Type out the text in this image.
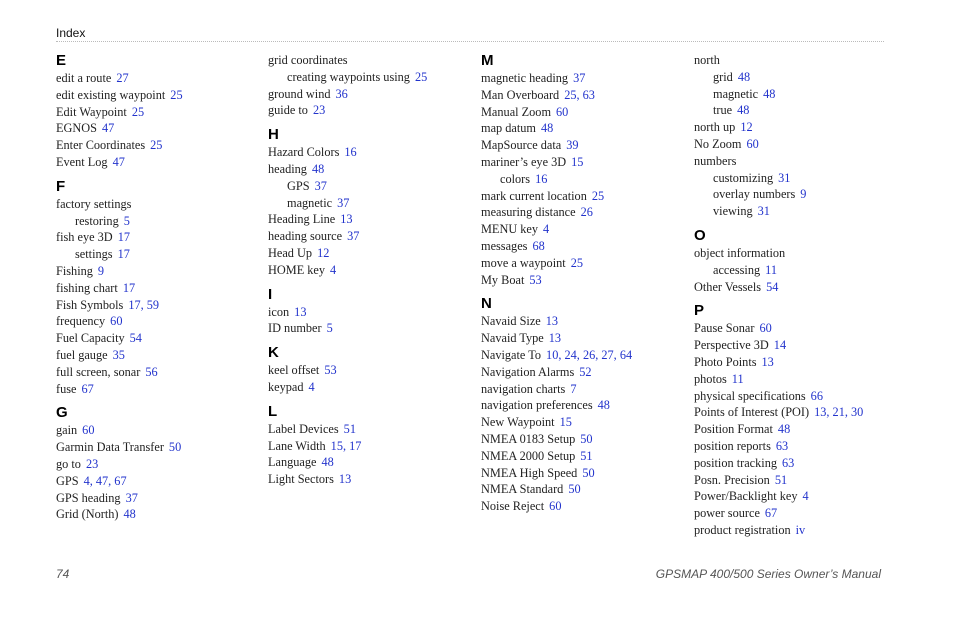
Index
E
edit a route 27
edit existing waypoint 25
Edit Waypoint 25
EGNOS 47
Enter Coordinates 25
Event Log 47
F
factory settings
restoring 5
fish eye 3D 17
settings 17
Fishing 9
fishing chart 17
Fish Symbols 17, 59
frequency 60
Fuel Capacity 54
fuel gauge 35
full screen, sonar 56
fuse 67
G
gain 60
Garmin Data Transfer 50
go to 23
GPS 4, 47, 67
GPS heading 37
Grid (North) 48
grid coordinates
creating waypoints using 25
ground wind 36
guide to 23
H
Hazard Colors 16
heading 48
GPS 37
magnetic 37
Heading Line 13
heading source 37
Head Up 12
HOME key 4
I
icon 13
ID number 5
K
keel offset 53
keypad 4
L
Label Devices 51
Lane Width 15, 17
Language 48
Light Sectors 13
M
magnetic heading 37
Man Overboard 25, 63
Manual Zoom 60
map datum 48
MapSource data 39
mariner’s eye 3D 15
colors 16
mark current location 25
measuring distance 26
MENU key 4
messages 68
move a waypoint 25
My Boat 53
N
Navaid Size 13
Navaid Type 13
Navigate To 10, 24, 26, 27, 64
Navigation Alarms 52
navigation charts 7
navigation preferences 48
New Waypoint 15
NMEA 0183 Setup 50
NMEA 2000 Setup 51
NMEA High Speed 50
NMEA Standard 50
Noise Reject 60
north
grid 48
magnetic 48
true 48
north up 12
No Zoom 60
numbers
customizing 31
overlay numbers 9
viewing 31
O
object information
accessing 11
Other Vessels 54
P
Pause Sonar 60
Perspective 3D 14
Photo Points 13
photos 11
physical specifications 66
Points of Interest (POI) 13, 21, 30
Position Format 48
position reports 63
position tracking 63
Posn. Precision 51
Power/Backlight key 4
power source 67
product registration iv
74	GPSMAP 400/500 Series Owner’s Manual
